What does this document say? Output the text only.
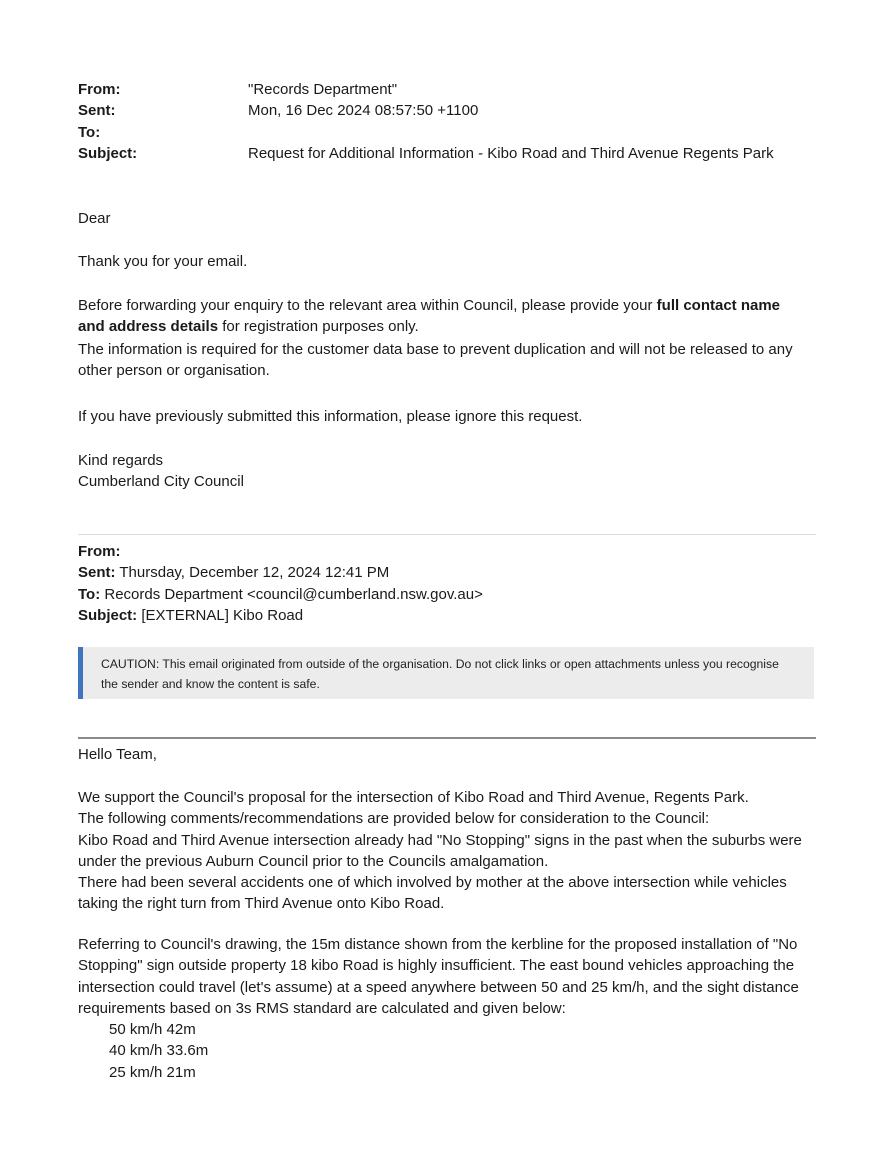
From:	"Records Department"
Sent:	Mon, 16 Dec 2024 08:57:50 +1100
To:
Subject:	Request for Additional Information - Kibo Road and Third Avenue Regents Park

Dear

Thank you for your email.

Before forwarding your enquiry to the relevant area within Council, please provide your full contact name and address details for registration purposes only.

The information is required for the customer data base to prevent duplication and will not be released to any other person or organisation.

If you have previously submitted this information, please ignore this request.

Kind regards

Cumberland City Council

From:
Sent: Thursday, December 12, 2024 12:41 PM
To: Records Department <council@cumberland.nsw.gov.au>
Subject: [EXTERNAL] Kibo Road
CAUTION: This email originated from outside of the organisation. Do not click links or open attachments unless you recognise the sender and know the content is safe.

Hello Team,

We support the Council's proposal for the intersection of Kibo Road and Third Avenue, Regents Park.
The following comments/recommendations are provided below for consideration to the Council:
Kibo Road and Third Avenue intersection already had "No Stopping" signs in the past when the suburbs were under the previous Auburn Council prior to the Councils amalgamation.
There had been several accidents one of which involved by mother at the above intersection while vehicles taking the right turn from Third Avenue onto Kibo Road.

Referring to Council's drawing, the 15m distance shown from the kerbline for the proposed installation of "No Stopping" sign outside property 18 kibo Road is highly insufficient. The east bound vehicles approaching the intersection could travel (let's assume) at a speed anywhere between 50 and 25 km/h, and the sight distance requirements based on 3s RMS standard are calculated and given below:

50 km/h 42m
40 km/h 33.6m
25 km/h 21m
